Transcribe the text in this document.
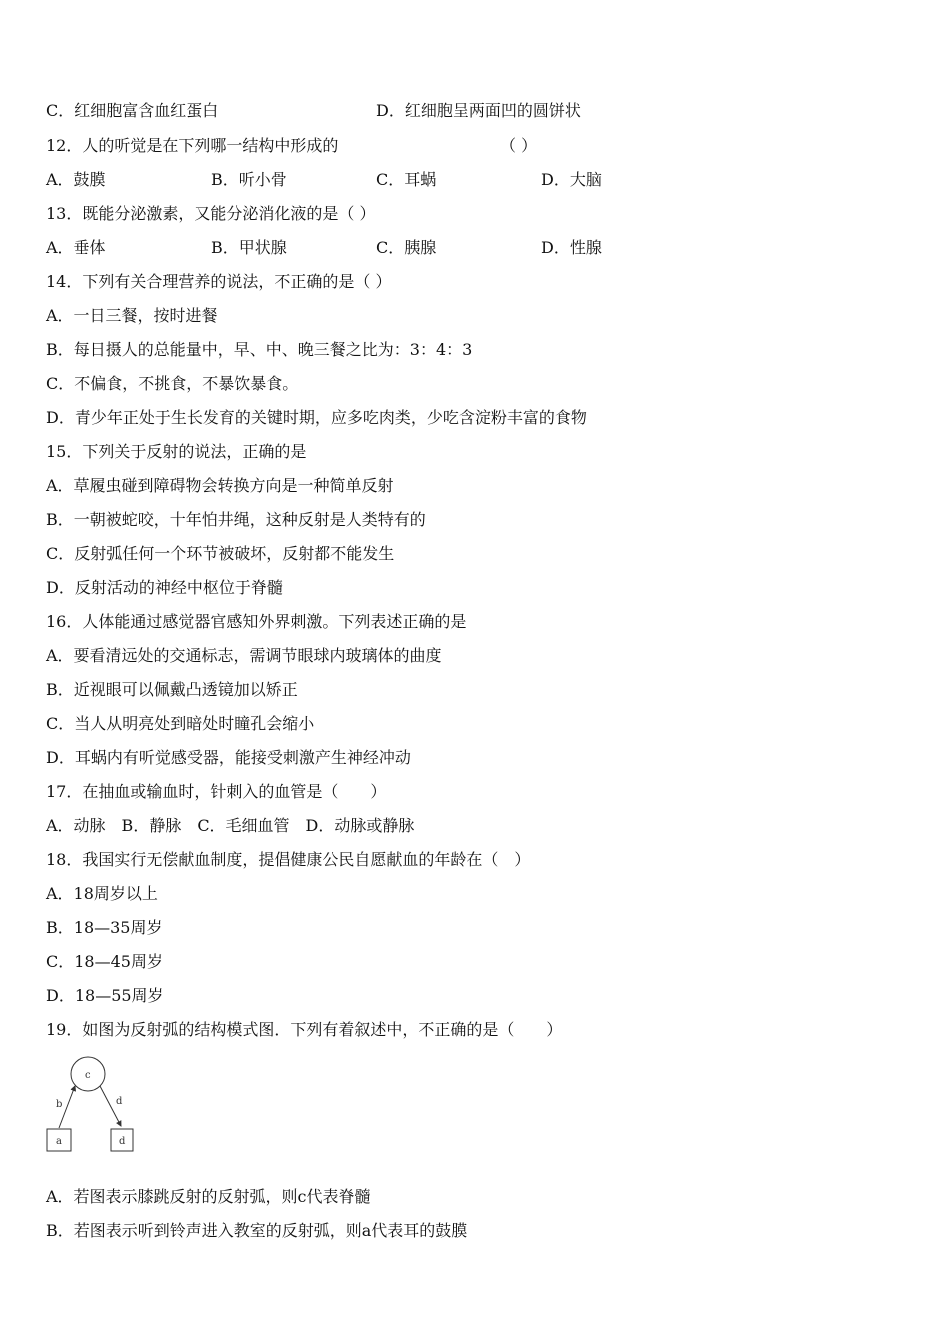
C．红细胞富含血红蛋白	D．红细胞呈两面凹的圆饼状
12．人的听觉是在下列哪一结构中形成的	（ ）
A．鼓膜	B．听小骨	C．耳蜗	D．大脑
13．既能分泌激素，又能分泌消化液的是（ ）
A．垂体	B．甲状腺	C．胰腺	D．性腺
14．下列有关合理营养的说法，不正确的是（ ）
A．一日三餐，按时进餐
B．每日摄人的总能量中，早、中、晚三餐之比为：3：4：3
C．不偏食，不挑食，不暴饮暴食。
D．青少年正处于生长发育的关键时期，应多吃肉类，少吃含淀粉丰富的食物
15．下列关于反射的说法，正确的是
A．草履虫碰到障碍物会转换方向是一种简单反射
B．一朝被蛇咬，十年怕井绳，这种反射是人类特有的
C．反射弧任何一个环节被破坏，反射都不能发生
D．反射活动的神经中枢位于脊髓
16．人体能通过感觉器官感知外界刺激。下列表述正确的是
A．要看清远处的交通标志，需调节眼球内玻璃体的曲度
B．近视眼可以佩戴凸透镜加以矫正
C．当人从明亮处到暗处时瞳孔会缩小
D．耳蜗内有听觉感受器，能接受刺激产生神经冲动
17．在抽血或输血时，针刺入的血管是（　　）
A．动脉　B．静脉　C．毛细血管　D．动脉或静脉
18．我国实行无偿献血制度，提倡健康公民自愿献血的年龄在（　）
A．18周岁以上
B．18—35周岁
C．18—45周岁
D．18—55周岁
19．如图为反射弧的结构模式图．下列有着叙述中，不正确的是（　　）
c
b	d
a	d
A．若图表示膝跳反射的反射弧，则c代表脊髓
B．若图表示听到铃声进入教室的反射弧，则a代表耳的鼓膜
